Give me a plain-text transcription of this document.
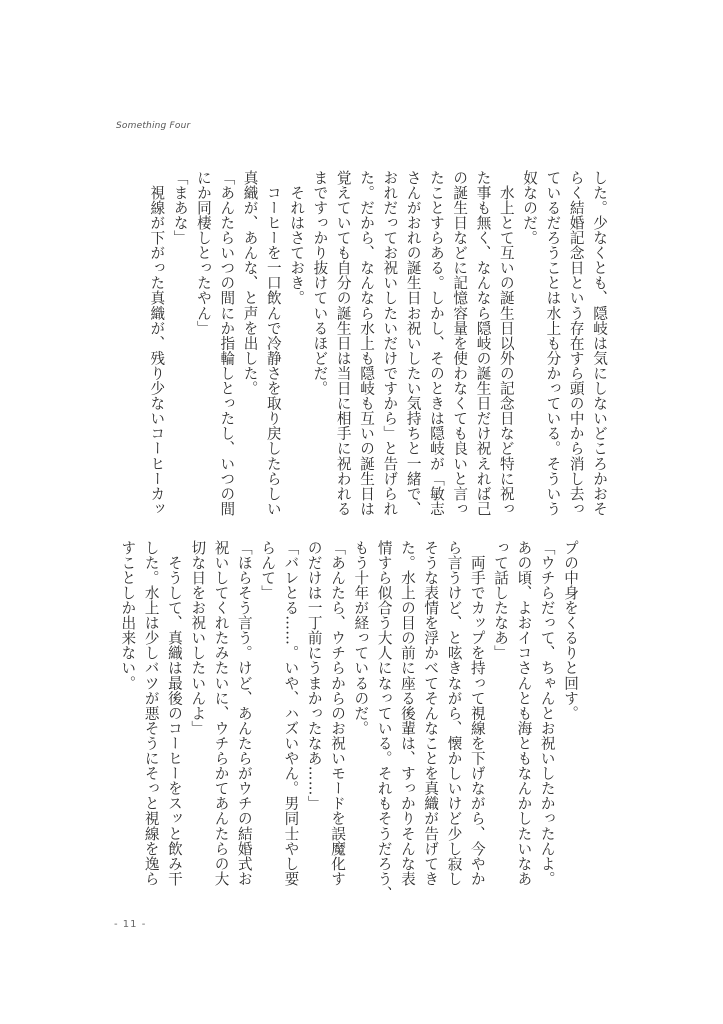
Something Four
した。少なくとも、隠岐は気にしないどころかおそ
らく結婚記念日という存在すら頭の中から消し去っ
ているだろうことは水上も分かっている。そういう
奴なのだ。
　水上とて互いの誕生日以外の記念日など特に祝っ
た事も無く、なんなら隠岐の誕生日だけ祝えれば己
の誕生日などに記憶容量を使わなくても良いと言っ
たことすらある。しかし、そのときは隠岐が「敏志
さんがおれの誕生日お祝いしたい気持ちと一緒で、
おれだってお祝いしたいだけですから」と告げられ
た。だから、なんなら水上も隠岐も互いの誕生日は
覚えていても自分の誕生日は当日に相手に祝われる
まですっかり抜けているほどだ。
　それはさておき。
　コーヒーを一口飲んで冷静さを取り戻したらしい
真織が、あんな、と声を出した。
「あんたらいつの間にか指輪しとったし、いつの間
にか同棲しとったやん」
「まあな」
　視線が下がった真織が、残り少ないコーヒーカッ
プの中身をくるりと回す。
「ウチらだって、ちゃんとお祝いしたかったんよ。
あの頃、よおイコさんとも海ともなんかしたいなあ
って話したなあ」
　両手でカップを持って視線を下げながら、今やか
ら言うけど、と呟きながら、懐かしいけど少し寂し
そうな表情を浮かべてそんなことを真織が告げてき
た。水上の目の前に座る後輩は、すっかりそんな表
情すら似合う大人になっている。それもそうだろう、
もう十年が経っているのだ。
「あんたら、ウチらからのお祝いモードを誤魔化す
のだけは一丁前にうまかったなあ……」
「バレとる……。いや、ハズいやん。男同士やし要
らんて」
「ほらそう言う。けど、あんたらがウチの結婚式お
祝いしてくれたみたいに、ウチらかてあんたらの大
切な日をお祝いしたいんよ」
　そうして、真織は最後のコーヒーをスッと飲み干
した。水上は少しバツが悪そうにそっと視線を逸ら
すことしか出来ない。
- 11 -
